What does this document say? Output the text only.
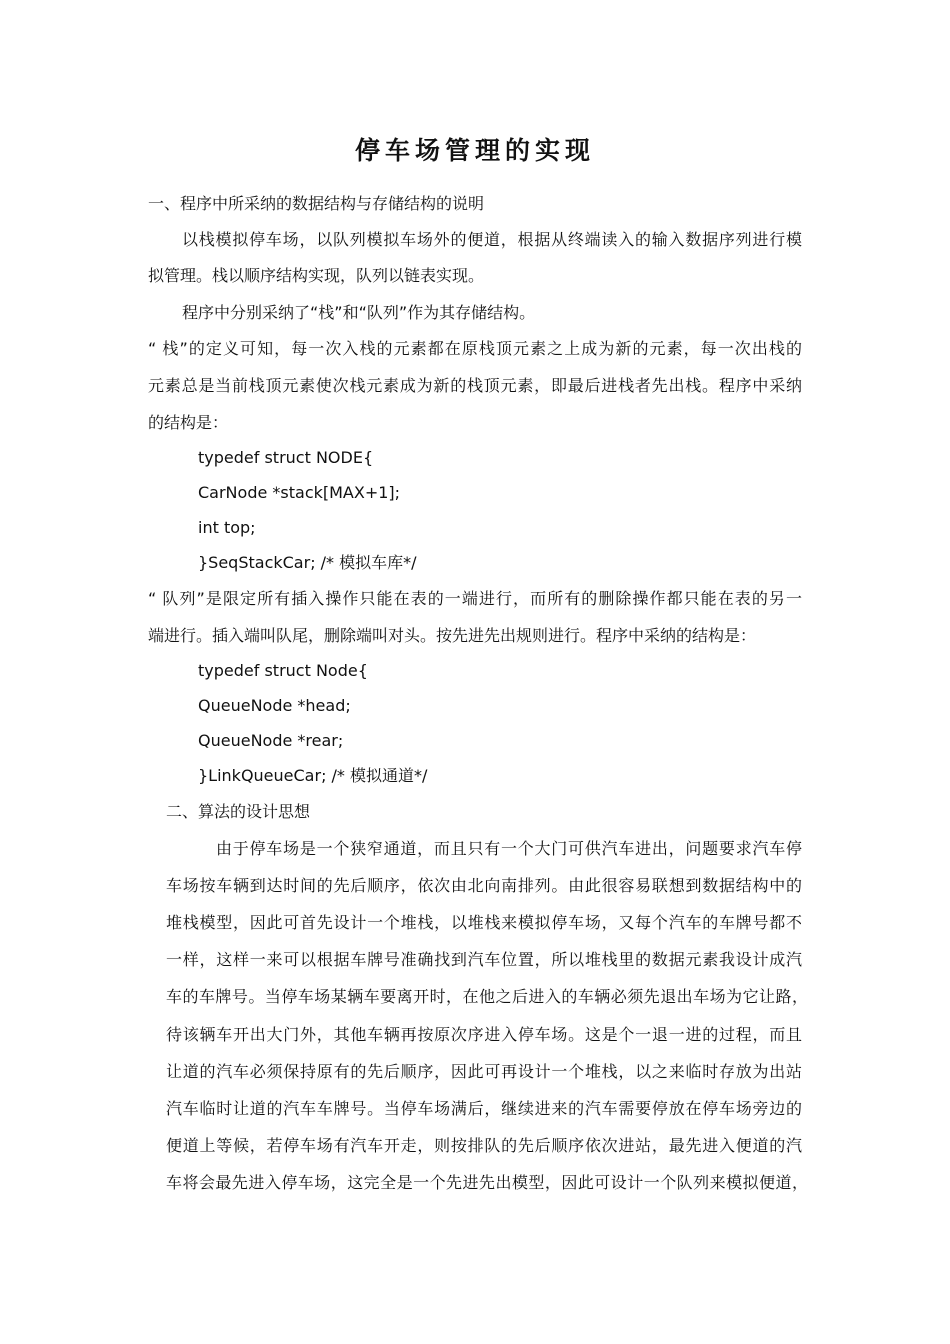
停车场管理的实现
一、程序中所采纳的数据结构与存储结构的说明
以栈模拟停车场，以队列模拟车场外的便道，根据从终端读入的输入数据序列进行模
拟管理。栈以顺序结构实现，队列以链表实现。
程序中分别采纳了“栈”和“队列”作为其存储结构。
“ 栈”的定义可知，每一次入栈的元素都在原栈顶元素之上成为新的元素，每一次出栈的
元素总是当前栈顶元素使次栈元素成为新的栈顶元素，即最后进栈者先出栈。程序中采纳
的结构是：
typedef struct NODE{
CarNode *stack[MAX+1];
int top;
}SeqStackCar; /* 模拟车库*/
“ 队列”是限定所有插入操作只能在表的一端进行，而所有的删除操作都只能在表的另一
端进行。插入端叫队尾，删除端叫对头。按先进先出规则进行。程序中采纳的结构是：
typedef struct Node{
QueueNode *head;
QueueNode *rear;
}LinkQueueCar; /* 模拟通道*/
二、算法的设计思想
由于停车场是一个狭窄通道，而且只有一个大门可供汽车进出，问题要求汽车停
车场按车辆到达时间的先后顺序，依次由北向南排列。由此很容易联想到数据结构中的
堆栈模型，因此可首先设计一个堆栈，以堆栈来模拟停车场，又每个汽车的车牌号都不
一样，这样一来可以根据车牌号准确找到汽车位置，所以堆栈里的数据元素我设计成汽
车的车牌号。当停车场某辆车要离开时，在他之后进入的车辆必须先退出车场为它让路，
待该辆车开出大门外，其他车辆再按原次序进入停车场。这是个一退一进的过程，而且
让道的汽车必须保持原有的先后顺序，因此可再设计一个堆栈，以之来临时存放为出站
汽车临时让道的汽车车牌号。当停车场满后，继续进来的汽车需要停放在停车场旁边的
便道上等候，若停车场有汽车开走，则按排队的先后顺序依次进站，最先进入便道的汽
车将会最先进入停车场，这完全是一个先进先出模型，因此可设计一个队列来模拟便道，
